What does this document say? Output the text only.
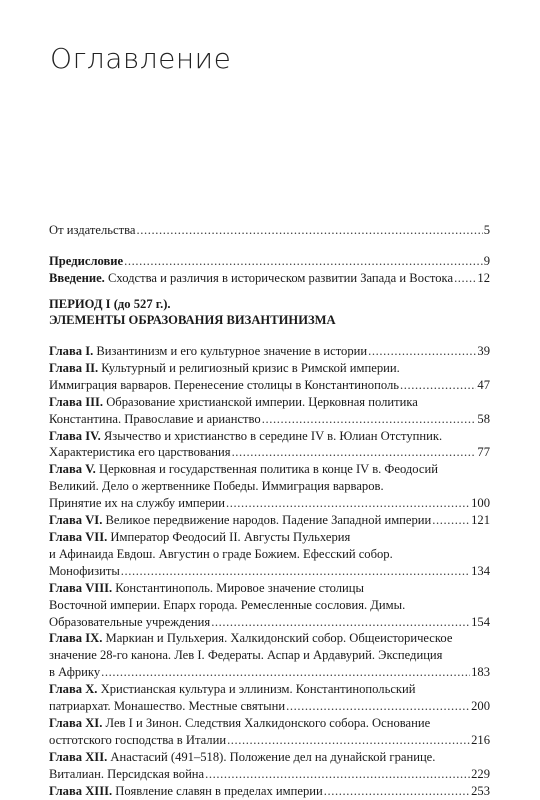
Оглавление
От издательства .....	5
Предисловие .....	9
Введение. Сходства и различия в историческом развитии Запада и Востока ..... 12
ПЕРИОД I (до 527 г.).
ЭЛЕМЕНТЫ ОБРАЗОВАНИЯ ВИЗАНТИНИЗМА
Глава I. Византинизм и его культурное значение в истории .....	39
Глава II. Культурный и религиозный кризис в Римской империи.
Иммиграция варваров. Перенесение столицы в Константинополь .....	47
Глава III. Образование христианской империи. Церковная политика
Константина. Православие и арианство .....	58
Глава IV. Язычество и христианство в середине IV в. Юлиан Отступник.
Характеристика его царствования .....	77
Глава V. Церковная и государственная политика в конце IV в. Феодосий
Великий. Дело о жертвеннике Победы. Иммиграция варваров.
Принятие их на службу империи .....	100
Глава VI. Великое передвижение народов. Падение Западной империи .....	121
Глава VII. Император Феодосий II. Августы Пульхерия
и Афинаида Евдош. Августин о граде Божием. Ефесский собор.
Монофизиты .....	134
Глава VIII. Константинополь. Мировое значение столицы
Восточной империи. Епарх города. Ремесленные сословия. Димы.
Образовательные учреждения .....	154
Глава IX. Маркиан и Пульхерия. Халкидонский собор. Общеисторическое
значение 28-го канона. Лев I. Федераты. Аспар и Ардавурий. Экспедиция
в Африку .....	183
Глава X. Христианская культура и эллинизм. Константинопольский
патриархат. Монашество. Местные святыни .....	200
Глава XI. Лев I и Зинон. Следствия Халкидонского собора. Основание
остготского господства в Италии .....	216
Глава XII. Анастасий (491–518). Положение дел на дунайской границе.
Виталиан. Персидская война .....	229
Глава XIII. Появление славян в пределах империи .....	253
